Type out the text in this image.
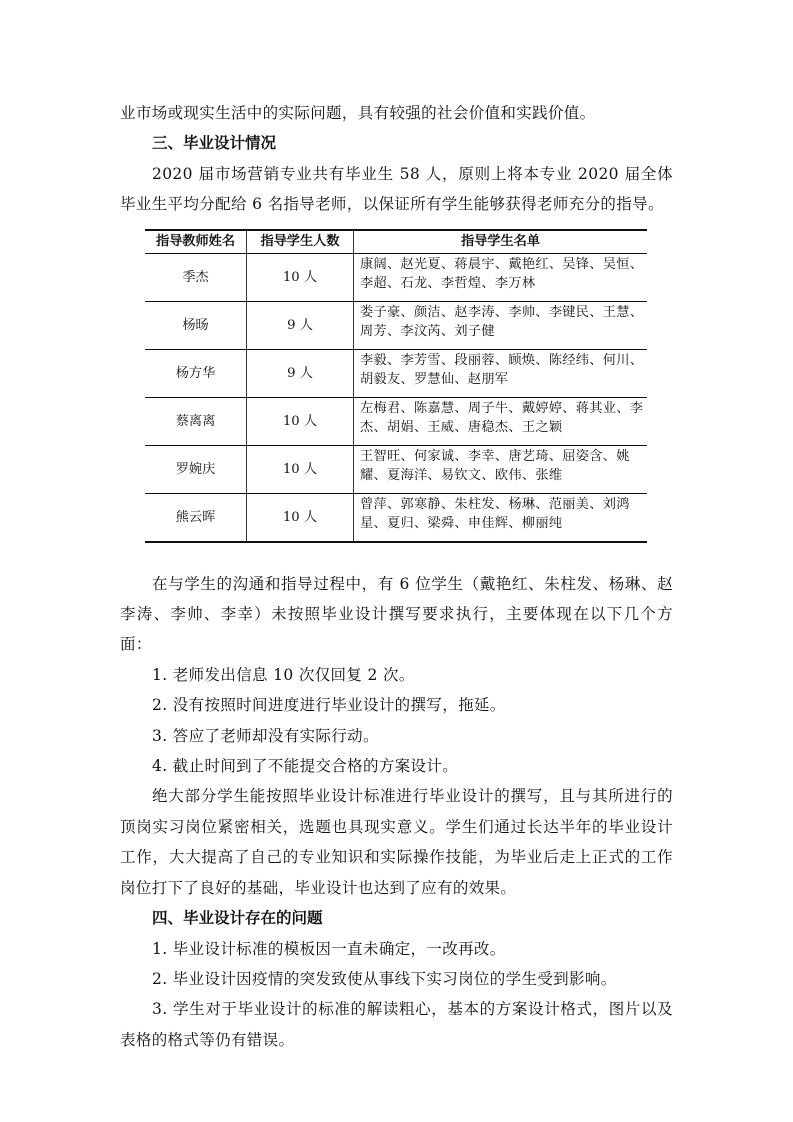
业市场或现实生活中的实际问题，具有较强的社会价值和实践价值。

三、毕业设计情况

2020 届市场营销专业共有毕业生 58 人，原则上将本专业 2020 届全体毕业生平均分配给 6 名指导老师，以保证所有学生能够获得老师充分的指导。

指导教师姓名	指导学生人数	指导学生名单
季杰	10 人	康阔、赵光夏、蒋晨宇、戴艳红、吴锋、吴恒、李超、石龙、李哲煌、李万林
杨旸	9 人	娄子豪、颜洁、赵李涛、李帅、李键民、王慧、周芳、李汶芮、刘子健
杨方华	9 人	李毅、李芳雪、段丽蓉、顾焕、陈经纬、何川、胡毅友、罗慧仙、赵朋军
蔡离离	10 人	左梅君、陈嘉慧、周子牛、戴婷婷、蒋其业、李杰、胡娟、王威、唐稳杰、王之颖
罗婉庆	10 人	王智旺、何家诚、李幸、唐艺琦、屈姿含、姚耀、夏海洋、易钦文、欧伟、张维
熊云晖	10 人	曾萍、郭寒静、朱柱发、杨琳、范丽美、刘鸿星、夏归、梁舜、申佳辉、柳丽纯

在与学生的沟通和指导过程中，有 6 位学生（戴艳红、朱柱发、杨琳、赵李涛、李帅、李幸）未按照毕业设计撰写要求执行，主要体现在以下几个方面：

1. 老师发出信息 10 次仅回复 2 次。

2. 没有按照时间进度进行毕业设计的撰写，拖延。

3. 答应了老师却没有实际行动。

4. 截止时间到了不能提交合格的方案设计。

绝大部分学生能按照毕业设计标准进行毕业设计的撰写，且与其所进行的顶岗实习岗位紧密相关，选题也具现实意义。学生们通过长达半年的毕业设计工作，大大提高了自己的专业知识和实际操作技能，为毕业后走上正式的工作岗位打下了良好的基础，毕业设计也达到了应有的效果。

四、毕业设计存在的问题

1. 毕业设计标准的模板因一直未确定，一改再改。

2. 毕业设计因疫情的突发致使从事线下实习岗位的学生受到影响。

3. 学生对于毕业设计的标准的解读粗心，基本的方案设计格式，图片以及表格的格式等仍有错误。
